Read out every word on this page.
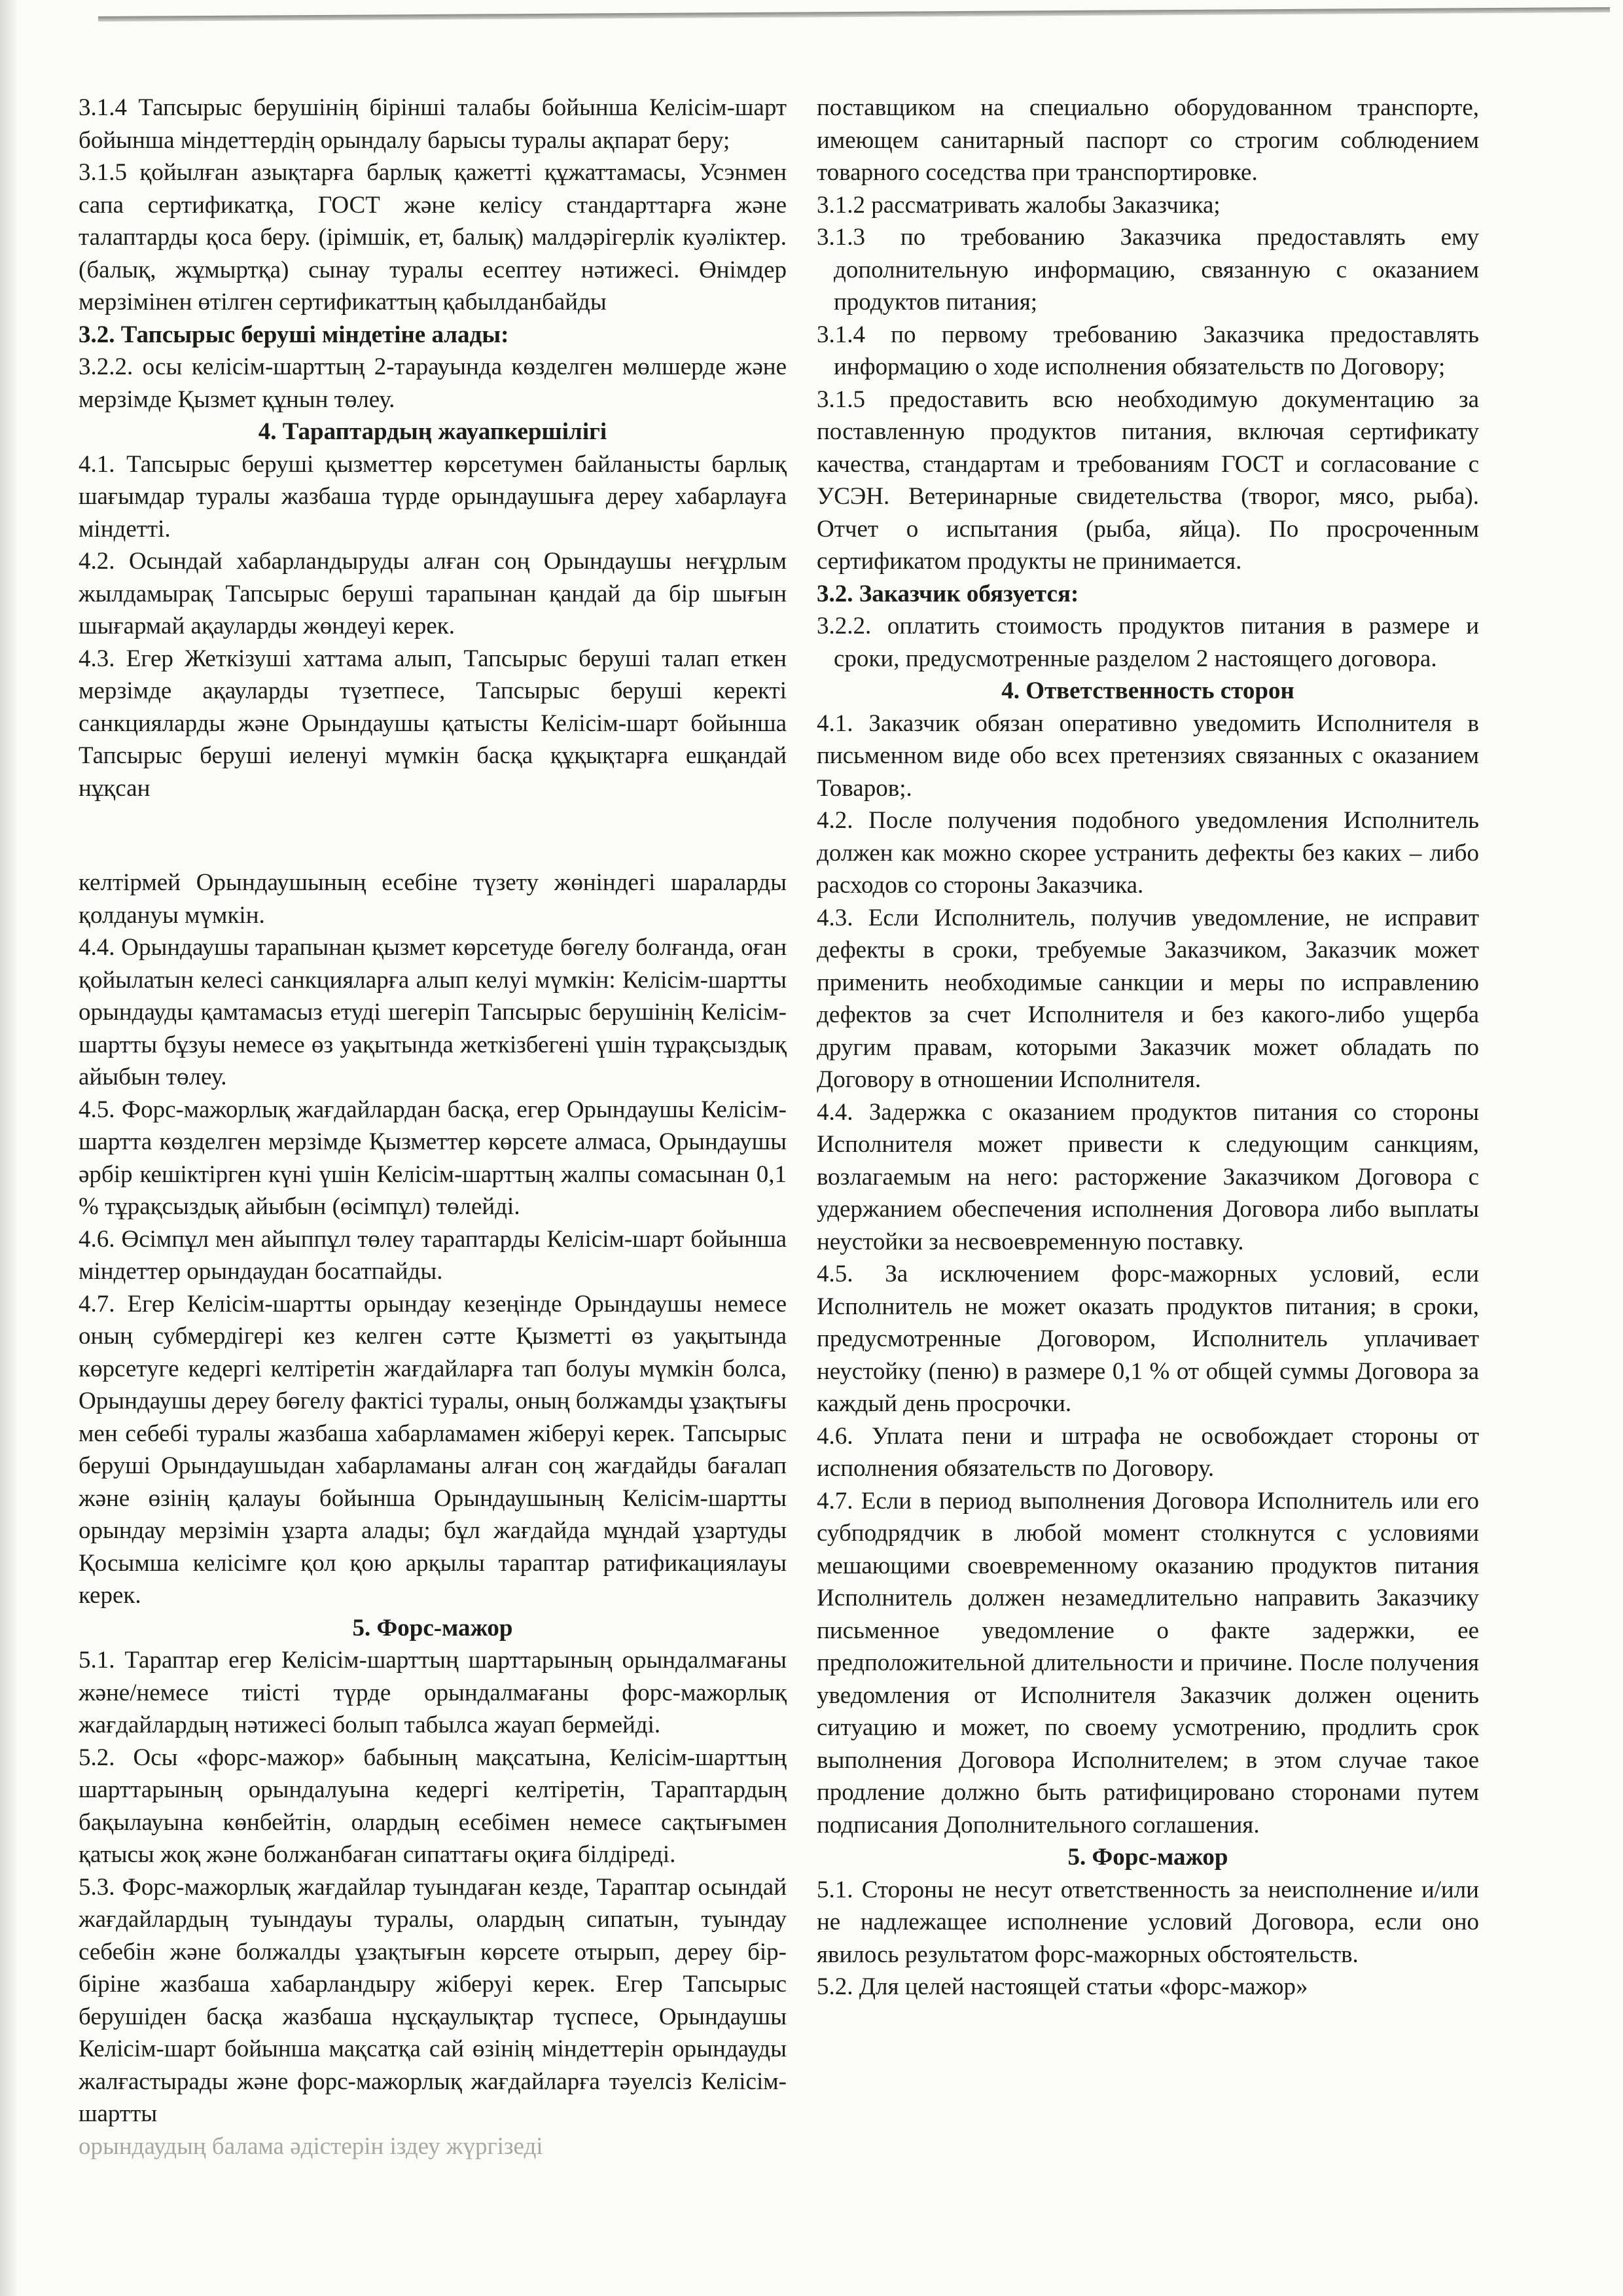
3.1.4 Тапсырыс берушінің бірінші талабы бойынша Келісім-шарт бойынша міндеттердің орындалу барысы туралы ақпарат беру;

3.1.5 қойылған азықтарға барлық қажетті құжаттамасы, Усэнмен сапа сертификатқа, ГОСТ және келісу стандарттарға және талаптарды қоса беру. (ірімшік, ет, балық) малдәрігерлік куәліктер. (балық, жұмыртқа) сынау туралы есептеу нәтижесі. Өнімдер мерзімінен өтілген сертификаттың қабылданбайды

3.2. Тапсырыс беруші міндетіне алады:

3.2.2. осы келісім-шарттың 2-тарауында көзделген мөлшерде және мерзімде Қызмет құнын төлеу.

4. Тараптардың жауапкершілігі

4.1. Тапсырыс беруші қызметтер көрсетумен байланысты барлық шағымдар туралы жазбаша түрде орындаушыға дереу хабарлауға міндетті.

4.2. Осындай хабарландыруды алған соң Орындаушы неғұрлым жылдамырақ Тапсырыс беруші тарапынан қандай да бір шығын шығармай ақауларды жөндеуі керек.

4.3. Егер Жеткізуші хаттама алып, Тапсырыс беруші талап еткен мерзімде ақауларды түзетпесе, Тапсырыс беруші керекті санкцияларды және Орындаушы қатысты Келісім-шарт бойынша Тапсырыс беруші иеленуі мүмкін басқа құқықтарға ешқандай нұқсан

келтірмей Орындаушының есебіне түзету жөніндегі шараларды қолдануы мүмкін.

4.4. Орындаушы тарапынан қызмет көрсетуде бөгелу болғанда, оған қойылатын келесі санкцияларға алып келуі мүмкін: Келісім-шартты орындауды қамтамасыз етуді шегеріп Тапсырыс берушінің Келісім-шартты бұзуы немесе өз уақытында жеткізбегені үшін тұрақсыздық айыбын төлеу.

4.5. Форс-мажорлық жағдайлардан басқа, егер Орындаушы Келісім-шартта көзделген мерзімде Қызметтер көрсете алмаса, Орындаушы әрбір кешіктірген күні үшін Келісім-шарттың жалпы сомасынан 0,1 % тұрақсыздық айыбын (өсімпұл) төлейді.

4.6. Өсімпұл мен айыппұл төлеу тараптарды Келісім-шарт бойынша міндеттер орындаудан босатпайды.

4.7. Егер Келісім-шартты орындау кезеңінде Орындаушы немесе оның субмердігері кез келген сәтте Қызметті өз уақытында көрсетуге кедергі келтіретін жағдайларға тап болуы мүмкін болса, Орындаушы дереу бөгелу фактісі туралы, оның болжамды ұзақтығы мен себебі туралы жазбаша хабарламамен жіберуі керек. Тапсырыс беруші Орындаушыдан хабарламаны алған соң жағдайды бағалап және өзінің қалауы бойынша Орындаушының Келісім-шартты орындау мерзімін ұзарта алады; бұл жағдайда мұндай ұзартуды Қосымша келісімге қол қою арқылы тараптар ратификациялауы керек.

5. Форс-мажор

5.1. Тараптар егер Келісім-шарттың шарттарының орындалмағаны және/немесе тиісті түрде орындалмағаны форс-мажорлық жағдайлардың нәтижесі болып табылса жауап бермейді.

5.2. Осы «форс-мажор» бабының мақсатына, Келісім-шарттың шарттарының орындалуына кедергі келтіретін, Тараптардың бақылауына көнбейтін, олардың есебімен немесе сақтығымен қатысы жоқ және болжанбаған сипаттағы оқиға білдіреді.

5.3. Форс-мажорлық жағдайлар туындаған кезде, Тараптар осындай жағдайлардың туындауы туралы, олардың сипатын, туындау себебін және болжалды ұзақтығын көрсете отырып, дереу бір-біріне жазбаша хабарландыру жіберуі керек. Егер Тапсырыс берушіден басқа жазбаша нұсқаулықтар түспесе, Орындаушы Келісім-шарт бойынша мақсатқа сай өзінің міндеттерін орындауды жалғастырады және форс-мажорлық жағдайларға тәуелсіз Келісім-шартты

орындаудың балама әдістерін іздеу жүргізеді

поставщиком на специально оборудованном транспорте, имеющем санитарный паспорт со строгим соблюдением товарного соседства при транспортировке.

3.1.2 рассматривать жалобы Заказчика;

3.1.3 по требованию Заказчика предоставлять ему дополнительную информацию, связанную с оказанием продуктов питания;

3.1.4 по первому требованию Заказчика предоставлять информацию о ходе исполнения обязательств по Договору;

3.1.5 предоставить всю необходимую документацию за поставленную продуктов питания, включая сертификату качества, стандартам и требованиям ГОСТ и согласование с УСЭН. Ветеринарные свидетельства (творог, мясо, рыба). Отчет о испытания (рыба, яйца). По просроченным сертификатом продукты не принимается.

3.2. Заказчик обязуется:

3.2.2. оплатить стоимость продуктов питания в размере и сроки, предусмотренные разделом 2 настоящего договора.

4. Ответственность сторон

4.1. Заказчик обязан оперативно уведомить Исполнителя в письменном виде обо всех претензиях связанных с оказанием Товаров;.

4.2. После получения подобного уведомления Исполнитель должен как можно скорее устранить дефекты без каких – либо расходов со стороны Заказчика.

4.3. Если Исполнитель, получив уведомление, не исправит дефекты в сроки, требуемые Заказчиком, Заказчик может применить необходимые санкции и меры по исправлению дефектов за счет Исполнителя и без какого-либо ущерба другим правам, которыми Заказчик может обладать по Договору в отношении Исполнителя.

4.4. Задержка с оказанием продуктов питания со стороны Исполнителя может привести к следующим санкциям, возлагаемым на него: расторжение Заказчиком Договора с удержанием обеспечения исполнения Договора либо выплаты неустойки за несвоевременную поставку.

4.5. За исключением форс-мажорных условий, если Исполнитель не может оказать продуктов питания; в сроки, предусмотренные Договором, Исполнитель уплачивает неустойку (пеню) в размере 0,1 % от общей суммы Договора за каждый день просрочки.

4.6. Уплата пени и штрафа не освобождает стороны от исполнения обязательств по Договору.

4.7. Если в период выполнения Договора Исполнитель или его субподрядчик в любой момент столкнутся с условиями мешающими своевременному оказанию продуктов питания Исполнитель должен незамедлительно направить Заказчику письменное уведомление о факте задержки, ее предположительной длительности и причине. После получения уведомления от Исполнителя Заказчик должен оценить ситуацию и может, по своему усмотрению, продлить срок выполнения Договора Исполнителем; в этом случае такое продление должно быть ратифицировано сторонами путем подписания Дополнительного соглашения.

5. Форс-мажор

5.1. Стороны не несут ответственность за неисполнение и/или не надлежащее исполнение условий Договора, если оно явилось результатом форс-мажорных обстоятельств.

5.2. Для целей настоящей статьи «форс-мажор»
